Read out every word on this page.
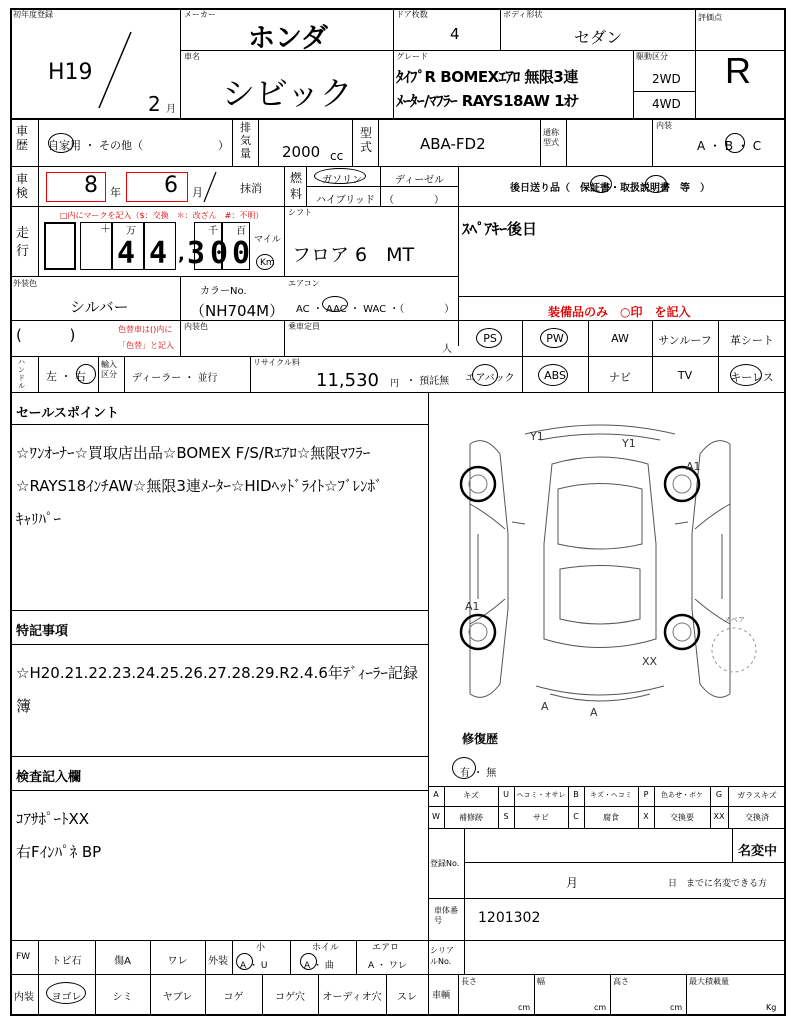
初年度登録
H19
2 月
メーカー
ホンダ
ドア枚数
4
ボディ形状
セダン
評価点
R
車名
シビック
グレード
ﾀｲﾌﾟR BOMEXｴｱﾛ 無限3連
ﾒｰﾀｰ/ﾏﾌﾗｰ RAYS18AW 1ｵﾅ
駆動区分
2WD
4WD
車歴 自家用 ・ その他（	）
排気量 2000 cc
型式	ABA-FD2
通称型式
内装
A ・ B ・ C
車検	8 年 6 月	抹消
燃料
ガソリン	ディーゼル
ハイブリッド （　　　　）
後日送り品（　保証書・取扱説明書　等　）
ｽﾍﾟｱｷｰ後日
走行
□内にマークを記入（$：交換　＊：改ざん　#：不明）
＋ 万	千 百
4 4 , 3 0 0 マイル
Km
シフト
フロア 6　MT
外装色
シルバー
カラーNo.
（NH704M）
エアコン
AC ・ AAC ・ WAC ・（　　　　）	装備品のみ　○印　を記入
(          )	色替車は()内に
「色替」と記入
内装色	乗車定員
人
PS	PW	AW	サンルーフ	革シート
エアバック	ABS	ナビ	TV	キーレス
ハンドル
左 ・ 右
輸入区分	ディーラー ・ 並行
リサイクル料
11,530 円 ・ 預託無
セールスポイント
☆ﾜﾝｵｰﾅｰ☆買取店出品☆BOMEX F/S/Rｴｱﾛ☆無限ﾏﾌﾗｰ
☆RAYS18ｲﾝﾁAW☆無限3連ﾒｰﾀｰ☆HIDﾍｯﾄﾞﾗｲﾄ☆ﾌﾞﾚﾝﾎﾞ
ｷｬﾘﾊﾟｰ
特記事項
☆H20.21.22.23.24.25.26.27.28.29.R2.4.6年ﾃﾞｨｰﾗｰ記録
簿
検査記入欄
ｺｱｻﾎﾟｰﾄXX
右Fｲﾝﾊﾟﾈ BP
Y1
Y1
A1
A1
XX
A	A
スペア
修復歴
有 ・ 無
A	キズ	U	ヘコミ・オサレ B	キズ・ヘコミ	P	色あせ・ボケ	G	ガラスキズ
W	補修跡	S	サビ	C	腐食	X	交換要	XX	交換済
登録No.
名変中
月	日　までに名変できる方
車体番号	1201302
FW	トビ石	傷A	ワレ	外装
小	ホイル	エアロ
A ・ U	A ・ 曲	A ・ ワレ
シリアルNo.
内装	ヨゴレ	シミ	ヤブレ	コゲ	コゲ穴	オーディオ穴	スレ	車輌
長さ
cm
幅
cm
高さ
cm
最大積載量
Kg
